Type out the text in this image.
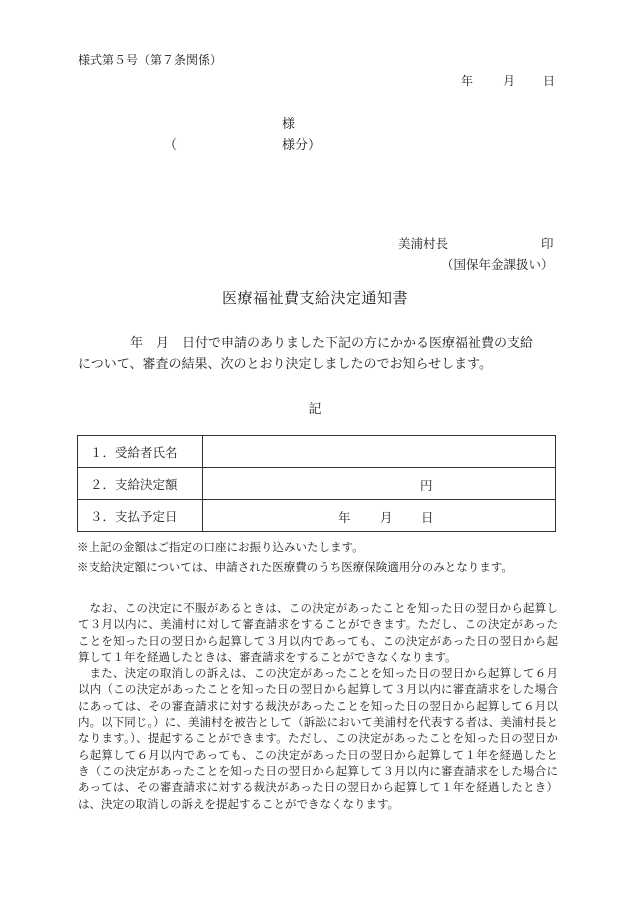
様式第５号（第７条関係）
年 月 日
様
（	様分）
美浦村長	印
（国保年金課扱い）
医療福祉費支給決定通知書

年　月　日付で申請のありました下記の方にかかる医療福祉費の支給

について、審査の結果、次のとおり決定しましたのでお知らせします。

記
１．受給者氏名	
２．支給決定額	円

３．支払予定日	年 月 日
※上記の金額はご指定の口座にお振り込みいたします。
※支給決定額については、申請された医療費のうち医療保険適用分のみとなります。

なお、この決定に不服があるときは、この決定があったことを知った日の翌日から起算して３月以内に、美浦村に対して審査請求をすることができます。ただし、この決定があったことを知った日の翌日から起算して３月以内であっても、この決定があった日の翌日から起算して１年を経過したときは、審査請求をすることができなくなります。

また、決定の取消しの訴えは、この決定があったことを知った日の翌日から起算して６月以内（この決定があったことを知った日の翌日から起算して３月以内に審査請求をした場合にあっては、その審査請求に対する裁決があったことを知った日の翌日から起算して６月以内。以下同じ。）に、美浦村を被告として（訴訟において美浦村を代表する者は、美浦村長となります。）、提起することができます。ただし、この決定があったことを知った日の翌日から起算して６月以内であっても、この決定があった日の翌日から起算して１年を経過したとき（この決定があったことを知った日の翌日から起算して３月以内に審査請求をした場合にあっては、その審査請求に対する裁決があった日の翌日から起算して１年を経過したとき）は、決定の取消しの訴えを提起することができなくなります。
